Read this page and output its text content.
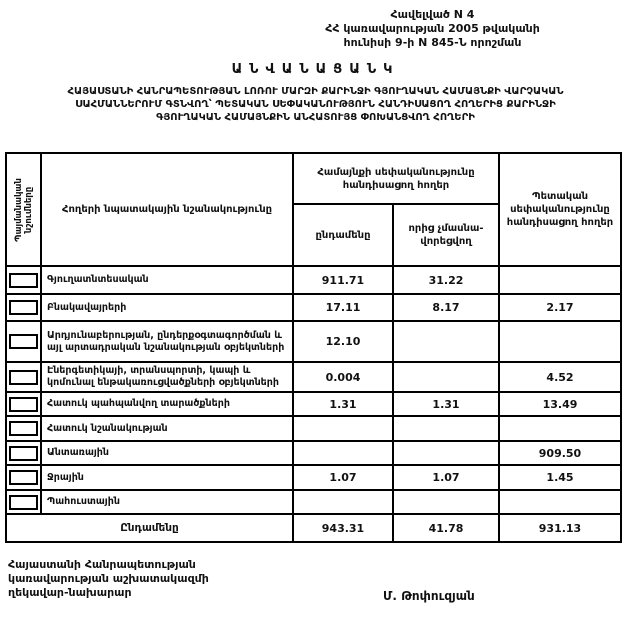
Հավելված N 4
ՀՀ կառավարության 2005 թվականի
հունիսի 9-ի N 845-Ն որոշման
ԱՆՎԱՆԱՑԱՆԿ
ՀԱՅԱՍՏԱՆԻ ՀԱՆՐԱՊԵՏՈՒԹՅԱՆ ԼՈՌՈՒ ՄԱՐԶԻ ՔԱՐԻՆՋԻ ԳՅՈՒՂԱԿԱՆ ՀԱՄԱՅՆՔԻ ՎԱՐՉԱԿԱՆ
ՍԱՀՄԱՆՆԵՐՈՒՄ ԳՏՆՎՈՂ՝ ՊԵՏԱԿԱՆ ՍԵՓԱԿԱՆՈՒԹՅՈՒՆ ՀԱՆԴԻՍԱՑՈՂ ՀՈՂԵՐԻՑ ՔԱՐԻՆՋԻ
ԳՅՈՒՂԱԿԱՆ ՀԱՄԱՅՆՔԻՆ ԱՆՀԱՏՈՒՅՑ ՓՈԽԱՆՑՎՈՂ ՀՈՂԵՐԻ
Պայմանական նշումները	Հողերի նպատակային նշանակությունը	Համայնքի սեփականությունը հանդիսացող հողեր		Պետական սեփականությունը հանդիսացող հողեր
		ընդամենը	որից չմասնա-վորեցվող	

	Գյուղատնտեսական	911.71	31.22	

	Բնակավայրերի	17.11	8.17	2.17

	Արդյունաբերության, ընդերքօգտագործման և այլ արտադրական նշանակության օբյեկտների	12.10		

	Էներգետիկայի, տրանսպորտի, կապի և կոմունալ ենթակառուցվածքների օբյեկտների	0.004		4.52

	Հատուկ պահպանվող տարածքների	1.31	1.31	13.49

	Հատուկ նշանակության			

	Անտառային			909.50

	Ջրային	1.07	1.07	1.45

	Պահուստային			
Ընդամենը		943.31	41.78	931.13
Հայաստանի Հանրապետության
կառավարության աշխատակազմի
ղեկավար-նախարար	Մ. Թոփուզյան
